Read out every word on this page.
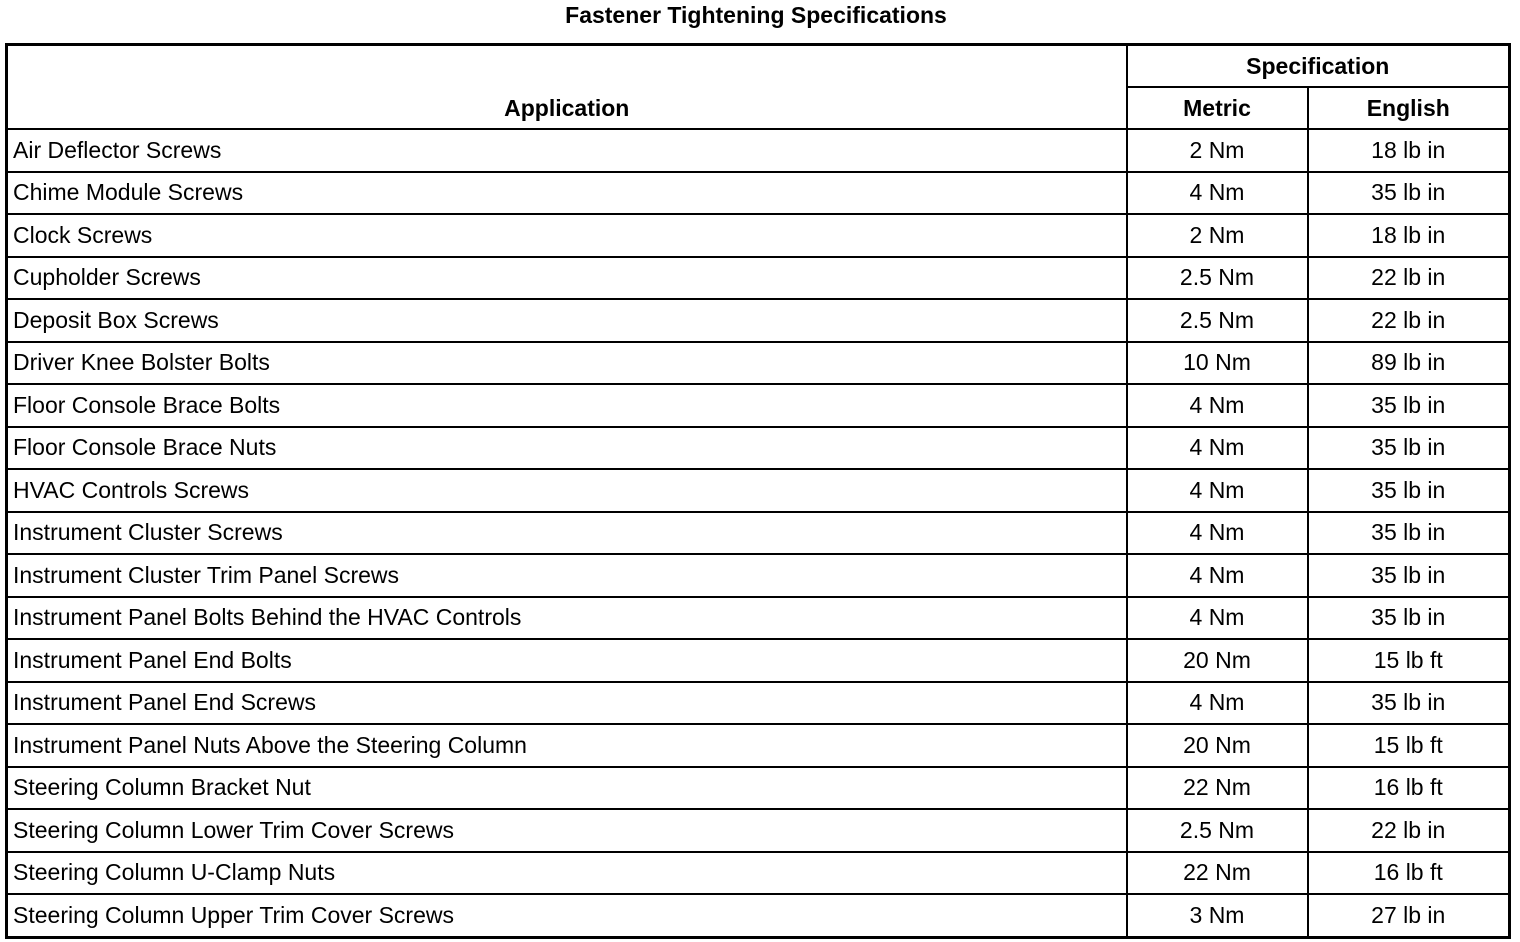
Fastener Tightening Specifications
Application	Specification	
	Metric	English
Air Deflector Screws	2 Nm	18 lb in
Chime Module Screws	4 Nm	35 lb in
Clock Screws	2 Nm	18 lb in
Cupholder Screws	2.5 Nm	22 lb in
Deposit Box Screws	2.5 Nm	22 lb in
Driver Knee Bolster Bolts	10 Nm	89 lb in
Floor Console Brace Bolts	4 Nm	35 lb in
Floor Console Brace Nuts	4 Nm	35 lb in
HVAC Controls Screws	4 Nm	35 lb in
Instrument Cluster Screws	4 Nm	35 lb in
Instrument Cluster Trim Panel Screws	4 Nm	35 lb in
Instrument Panel Bolts Behind the HVAC Controls	4 Nm	35 lb in
Instrument Panel End Bolts	20 Nm	15 lb ft
Instrument Panel End Screws	4 Nm	35 lb in
Instrument Panel Nuts Above the Steering Column	20 Nm	15 lb ft
Steering Column Bracket Nut	22 Nm	16 lb ft
Steering Column Lower Trim Cover Screws	2.5 Nm	22 lb in
Steering Column U-Clamp Nuts	22 Nm	16 lb ft
Steering Column Upper Trim Cover Screws	3 Nm	27 lb in
